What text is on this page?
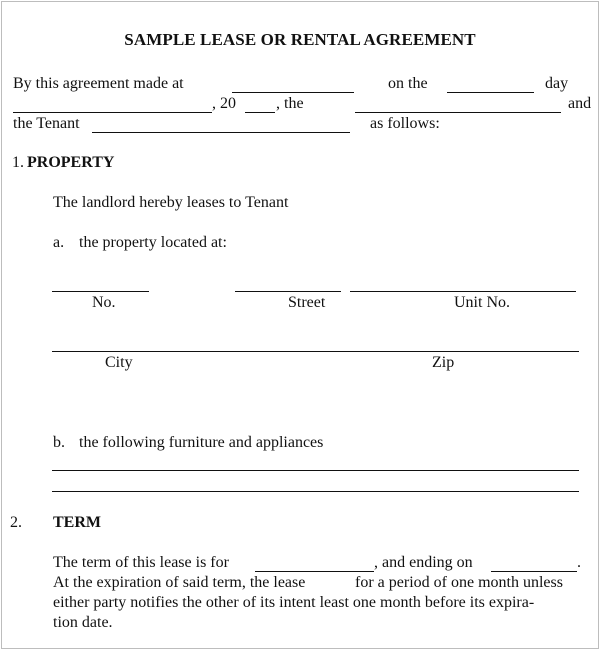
SAMPLE LEASE OR RENTAL AGREEMENT
By this agreement made at	on the	day
, 20	, the	and
the Tenant	as follows:
1. PROPERTY
The landlord hereby leases to Tenant
a. the property located at:
No.	Street	Unit No.
City	Zip
b. the following furniture and appliances
2. TERM
The term of this lease is for	, and ending on	.
At the expiration of said term, the lease	for a period of one month unless
either party notifies the other of its intent least one month before its expira-
tion date.
